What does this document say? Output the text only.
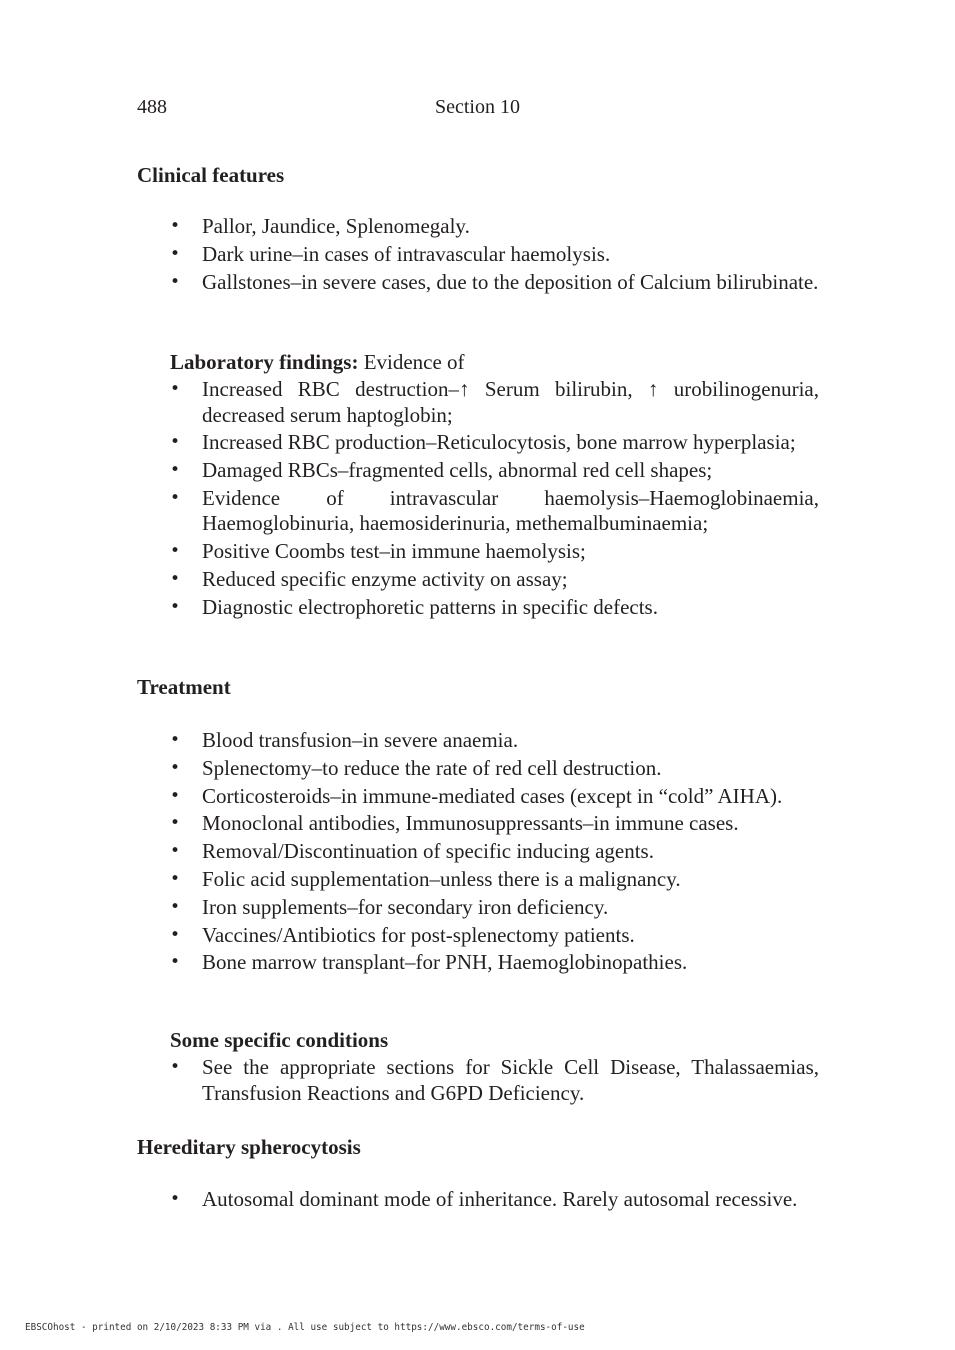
488	Section 10
Clinical features
• Pallor, Jaundice, Splenomegaly.
• Dark urine–in cases of intravascular haemolysis.
• Gallstones–in severe cases, due to the deposition of Calcium bilirubinate.
Laboratory findings: Evidence of
• Increased RBC destruction–↑ Serum bilirubin, ↑ urobilinogenuria, decreased serum haptoglobin;
• Increased RBC production–Reticulocytosis, bone marrow hyperplasia;
• Damaged RBCs–fragmented cells, abnormal red cell shapes;
• Evidence of intravascular haemolysis–Haemoglobinaemia, Haemoglobinuria, haemosiderinuria, methemalbuminaemia;
• Positive Coombs test–in immune haemolysis;
• Reduced specific enzyme activity on assay;
• Diagnostic electrophoretic patterns in specific defects.
Treatment
• Blood transfusion–in severe anaemia.
• Splenectomy–to reduce the rate of red cell destruction.
• Corticosteroids–in immune-mediated cases (except in “cold” AIHA).
• Monoclonal antibodies, Immunosuppressants–in immune cases.
• Removal/Discontinuation of specific inducing agents.
• Folic acid supplementation–unless there is a malignancy.
• Iron supplements–for secondary iron deficiency.
• Vaccines/Antibiotics for post-splenectomy patients.
• Bone marrow transplant–for PNH, Haemoglobinopathies.
Some specific conditions
• See the appropriate sections for Sickle Cell Disease, Thalassaemias, Transfusion Reactions and G6PD Deficiency.
Hereditary spherocytosis
• Autosomal dominant mode of inheritance. Rarely autosomal recessive.
EBSCOhost - printed on 2/10/2023 8:33 PM via . All use subject to https://www.ebsco.com/terms-of-use
